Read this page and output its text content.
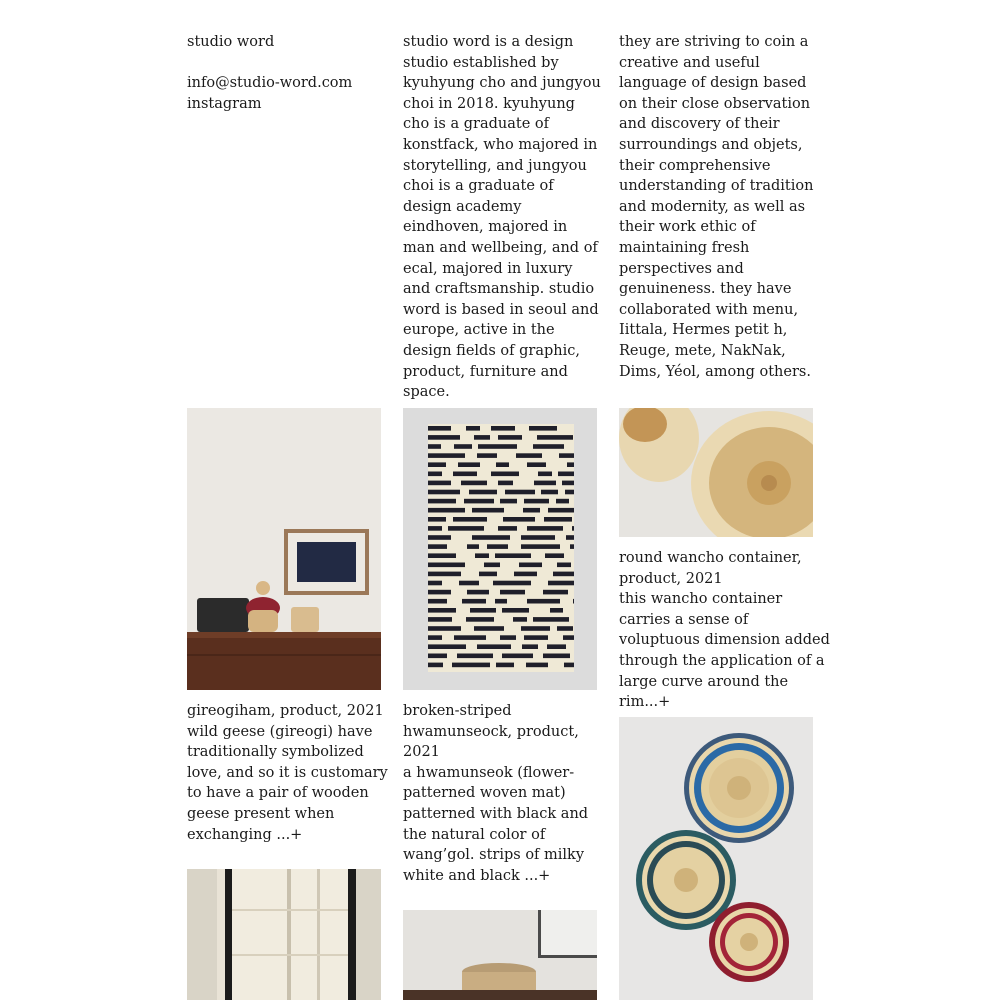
studio word

info@studio-word.com

instagram

studio word is a design studio established by kyuhyung cho and jungyou choi in 2018. kyuhyung cho is a graduate of konstfack, who majored in storytelling, and jungyou choi is a graduate of design academy eindhoven, majored in man and wellbeing, and of ecal, majored in luxury and craftsmanship. studio word is based in seoul and europe, active in the design fields of graphic, product, furniture and space.

they are striving to coin a creative and useful language of design based on their close observation and discovery of their surroundings and objets, their comprehensive understanding of tradition and modernity, as well as their work ethic of maintaining fresh perspectives and genuineness. they have collaborated with menu, Iittala, Hermes petit h, Reuge, mete, NakNak, Dims, Yéol, among others.

gireogiham, product, 2021
wild geese (gireogi) have traditionally symbolized love, and so it is customary to have a pair of wooden geese present when exchanging ...+
broken-striped hwamunseock, product, 2021
a hwamunseok (flower-patterned woven mat) patterned with black and the natural color of wang’gol. strips of milky white and black ...+
round wancho container, product, 2021
this wancho container carries a sense of voluptuous dimension added through the application of a large curve around the rim...+
